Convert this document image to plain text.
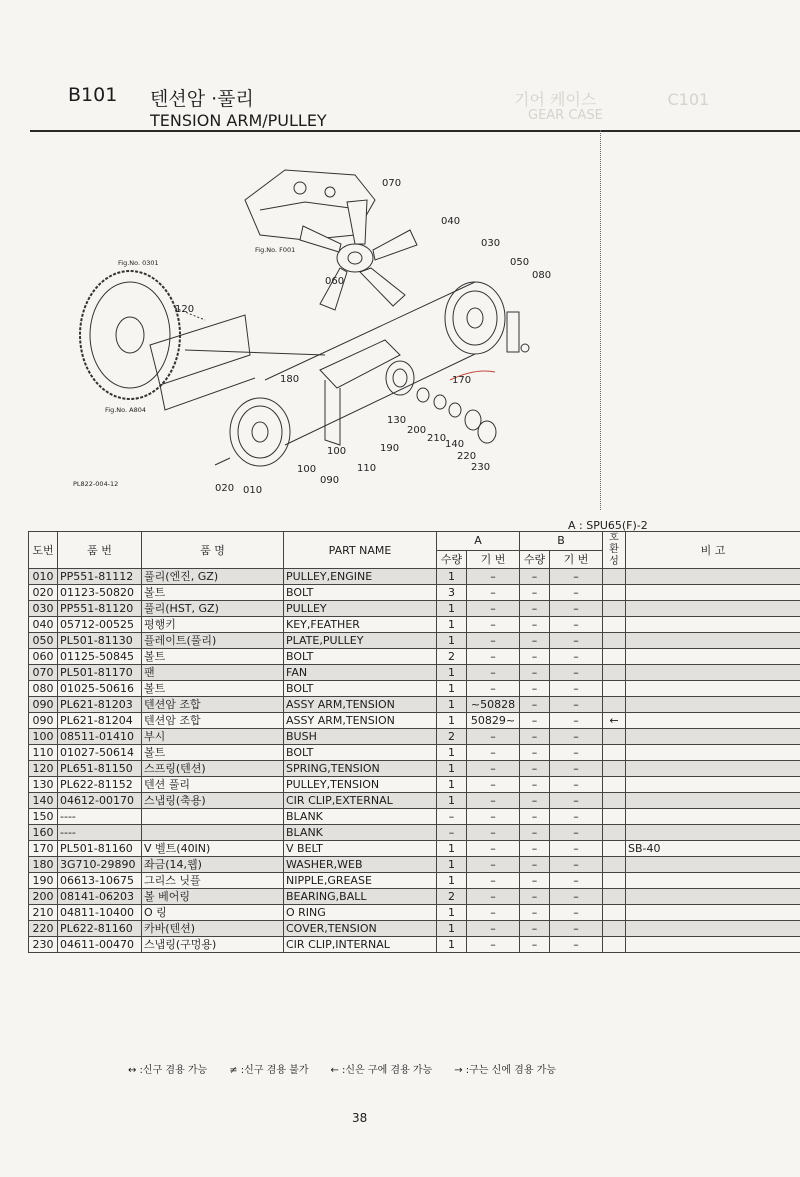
B101 텐션암 ·풀리
TENSION ARM/PULLEY
기어 케이스	C101
GEAR CASE
Fig.No. F001
Fig.No. 0301
Fig.No. A804
070
040
030
050
080
060
120
180	170
130
200
210
140
220
230
100
100	110
190
090
020 010
PL822-004-12
A : SPU65(F)-2
도번	품 번	품 명	PART NAME	A		B		호 환 성	비 고
				수량	기 번	수량	기 번		
010	PP551-81112	풀리(엔진, GZ)	PULLEY,ENGINE	1	–	–	–		
020	01123-50820	볼트	BOLT	3	–	–	–		
030	PP551-81120	풀리(HST, GZ)	PULLEY	1	–	–	–		
040	05712-00525	평행키	KEY,FEATHER	1	–	–	–		
050	PL501-81130	플레이트(풀리)	PLATE,PULLEY	1	–	–	–		
060	01125-50845	볼트	BOLT	2	–	–	–		
070	PL501-81170	팬	FAN	1	–	–	–		
080	01025-50616	볼트	BOLT	1	–	–	–		
090	PL621-81203	텐션암 조합	ASSY ARM,TENSION	1	~50828	–	–		
090	PL621-81204	텐션암 조합	ASSY ARM,TENSION	1	50829~	–	–	←	
100	08511-01410	부시	BUSH	2	–	–	–		
110	01027-50614	볼트	BOLT	1	–	–	–		
120	PL651-81150	스프링(텐션)	SPRING,TENSION	1	–	–	–		
130	PL622-81152	텐션 풀리	PULLEY,TENSION	1	–	–	–		
140	04612-00170	스냅링(축용)	CIR CLIP,EXTERNAL	1	–	–	–		
150	----		BLANK	–	–	–	–		
160	----		BLANK	–	–	–	–		
170	PL501-81160	V 벨트(40IN)	V BELT	1	–	–	–		SB-40
180	3G710-29890	좌금(14,웹)	WASHER,WEB	1	–	–	–		
190	06613-10675	그리스 닛플	NIPPLE,GREASE	1	–	–	–		
200	08141-06203	볼 베어링	BEARING,BALL	2	–	–	–		
210	04811-10400	O 링	O RING	1	–	–	–		
220	PL622-81160	카바(텐션)	COVER,TENSION	1	–	–	–		
230	04611-00470	스냅링(구멍용)	CIR CLIP,INTERNAL	1	–	–	–		
↔ :신구 겸용 가능 ≠ :신구 겸용 불가 ← :신은 구에 겸용 가능 → :구는 신에 겸용 가능
38
